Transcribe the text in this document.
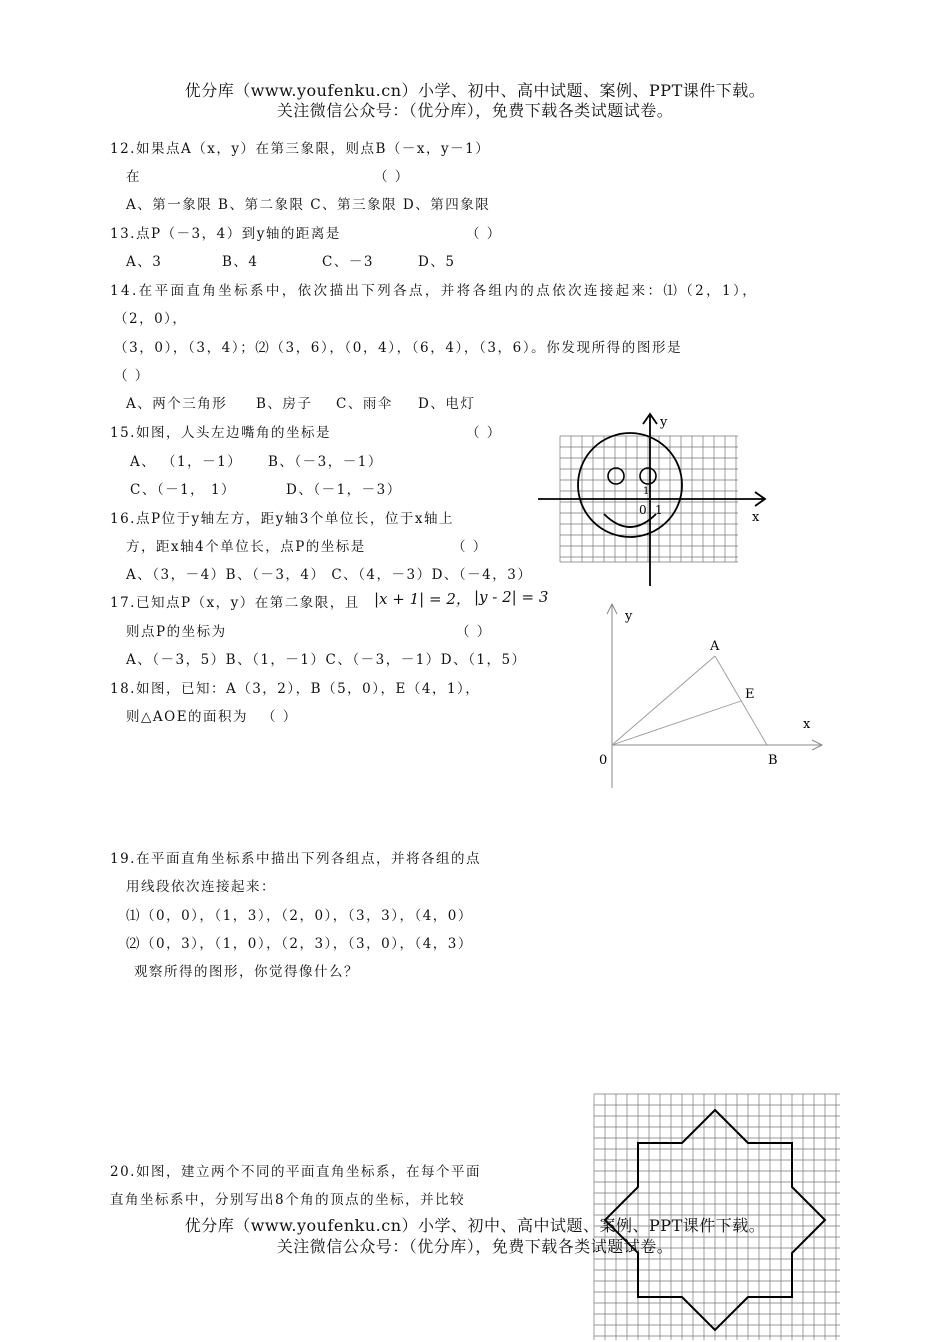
优分库（www.youfenku.cn）小学、初中、高中试题、案例、PPT课件下载。
关注微信公众号：（优分库），免费下载各类试题试卷。
12.如果点A（x，y）在第三象限，则点B（－x，y－1）
在	（ ）
A、第一象限 B、第二象限 C、第三象限 D、第四象限
13.点P（－3，4）到y轴的距离是	（ ）
A、3	B、4	C、－3	D、5
14.在平面直角坐标系中，依次描出下列各点，并将各组内的点依次连接起来：⑴（2，1），
（2，0），
（3，0），（3，4）；⑵（3，6），（0，4），（6，4），（3，6）。你发现所得的图形是
（ ）
A、两个三角形 B、房子 C、雨伞 D、电灯
15.如图，人头左边嘴角的坐标是	（ ）
A、 （1，－1） B、（－3，－1）
C、（－1， 1）	D、（－1，－3）
y
x
0 1
1
16.点P位于y轴左方，距y轴3个单位长，位于x轴上
方，距x轴4个单位长，点P的坐标是	（ ）
A、（3，－4）B、（－3，4） C、（4，－3）D、（－4，3）
17.已知点P（x，y）在第二象限，且 |x + 1| = 2， |y - 2| = 3
则点P的坐标为	（ ）
A、（－3，5）B、（1，－1）C、（－3，－1）D、（1，5）
18.如图，已知：A（3，2），B（5，0），E（4，1），
则△AOE的面积为 （ ）
y
x
A
E
0	B
19.在平面直角坐标系中描出下列各组点，并将各组的点
用线段依次连接起来：
⑴（0，0），（1，3），（2，0），（3，3），（4，0）
⑵（0，3），（1，0），（2，3），（3，0），（4，3）
观察所得的图形，你觉得像什么？
20.如图，建立两个不同的平面直角坐标系，在每个平面
直角坐标系中，分别写出8个角的顶点的坐标，并比较
优分库（www.youfenku.cn）小学、初中、高中试题、案例、PPT课件下载。
关注微信公众号：（优分库），免费下载各类试题试卷。
